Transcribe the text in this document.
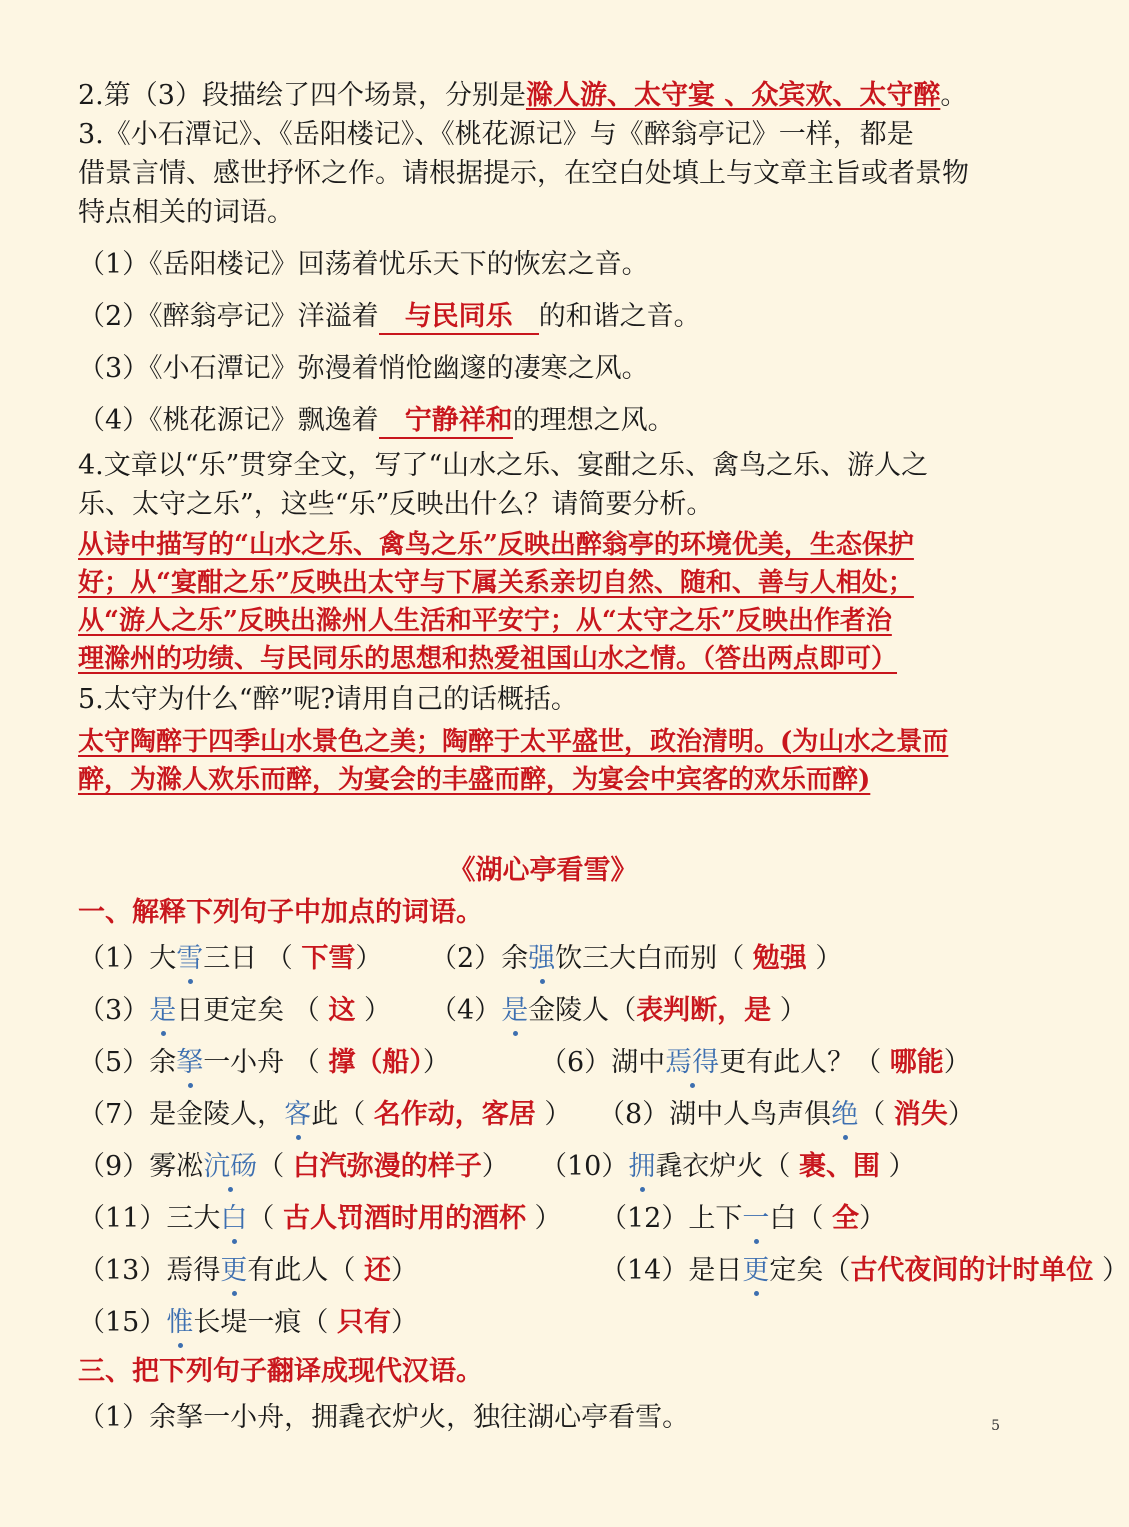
2.第（3）段描绘了四个场景，分别是滁人游、太守宴 、众宾欢、太守醉。
3.《小石潭记》、《岳阳楼记》、《桃花源记》与《醉翁亭记》一样，都是
借景言情、感世抒怀之作。请根据提示，在空白处填上与文章主旨或者景物
特点相关的词语。
（1）《岳阳楼记》回荡着忧乐天下的恢宏之音。
（2）《醉翁亭记》洋溢着 与民同乐 的和谐之音。
（3）《小石潭记》弥漫着悄怆幽邃的凄寒之风。
（4）《桃花源记》飘逸着 宁静祥和的理想之风。
4.文章以“乐”贯穿全文，写了“山水之乐、宴酣之乐、禽鸟之乐、游人之
乐、太守之乐”，这些“乐”反映出什么？请简要分析。
从诗中描写的“山水之乐、禽鸟之乐”反映出醉翁亭的环境优美，生态保护
好；从“宴酣之乐”反映出太守与下属关系亲切自然、随和、善与人相处；
从“游人之乐”反映出滁州人生活和平安宁；从“太守之乐”反映出作者治
理滁州的功绩、与民同乐的思想和热爱祖国山水之情。（答出两点即可）
5.太守为什么“醉”呢?请用自己的话概括。
太守陶醉于四季山水景色之美；陶醉于太平盛世，政治清明。(为山水之景而
醉，为滁人欢乐而醉，为宴会的丰盛而醉，为宴会中宾客的欢乐而醉)
《湖心亭看雪》
一、解释下列句子中加点的词语。
（1）大雪三日 （ 下雪） （2）余强饮三大白而别（ 勉强 ）
（3）是日更定矣 （ 这 ） （4）是金陵人（表判断，是 ）
（5）余拏一小舟 （ 撑（船））	（6）湖中焉得更有此人？（ 哪能）
（7）是金陵人，客此（ 名作动，客居 ） （8）湖中人鸟声俱绝（ 消失）
（9）雾凇沆砀（ 白汽弥漫的样子） （10）拥毳衣炉火（ 裹、围 ）
（11）三大白（ 古人罚酒时用的酒杯 ） （12）上下一白（ 全）
（13）焉得更有此人（ 还）	（14）是日更定矣（古代夜间的计时单位 ）
（15）惟长堤一痕（ 只有）
三、把下列句子翻译成现代汉语。
（1）余拏一小舟，拥毳衣炉火，独往湖心亭看雪。	5
